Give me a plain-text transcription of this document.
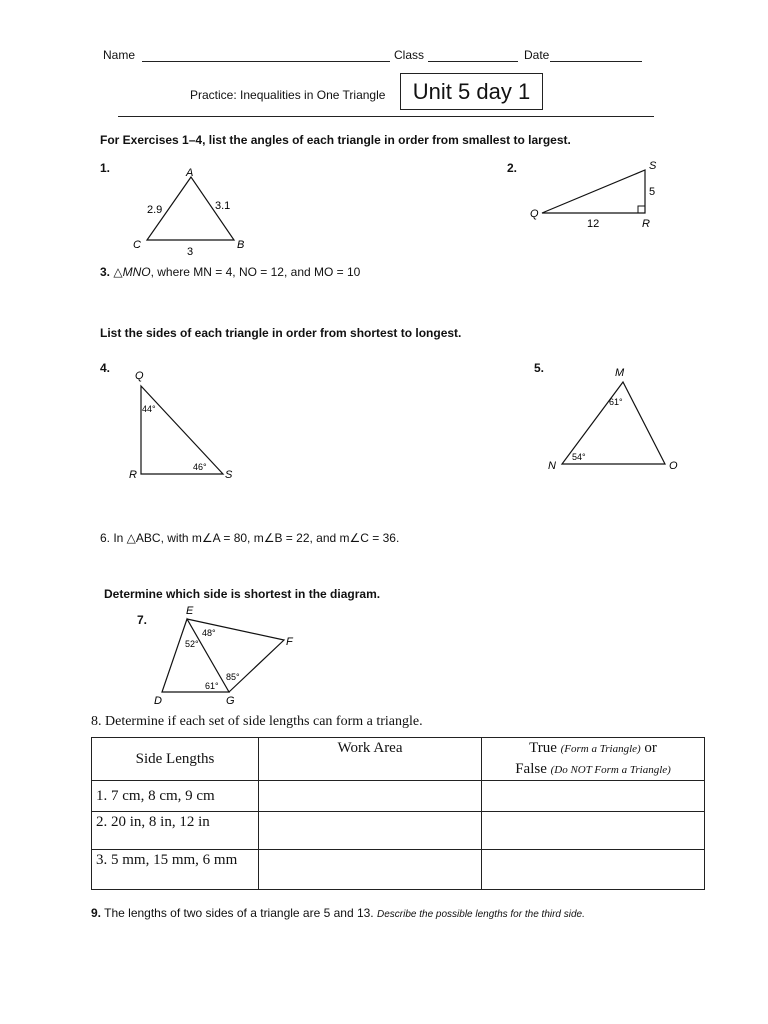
Name	Class	Date
Practice: Inequalities in One Triangle	Unit 5 day 1
For Exercises 1–4, list the angles of each triangle in order from smallest to largest.
1.	A
B
C
2.9	3.1
3
2.	S
Q
R
5
12
3. △MNO, where MN = 4, NO = 12, and MO = 10
List the sides of each triangle in order from shortest to longest.
4.
Q
R	S
44°
46°
5.	M
N	O
61°
54°
6. In △ABC, with m∠A = 80, m∠B = 22, and m∠C = 36.
Determine which side is shortest in the diagram.
7.
E
F
D	G
48°
52°
61°
85°
8. Determine if each set of side lengths can form a triangle.
Side Lengths	Work Area	True (Form a Triangle) or
False (Do NOT Form a Triangle)
1. 7 cm, 8 cm, 9 cm		
2. 20 in, 8 in, 12 in		
3. 5 mm, 15 mm, 6 mm		
9. The lengths of two sides of a triangle are 5 and 13. Describe the possible lengths for the third side.
